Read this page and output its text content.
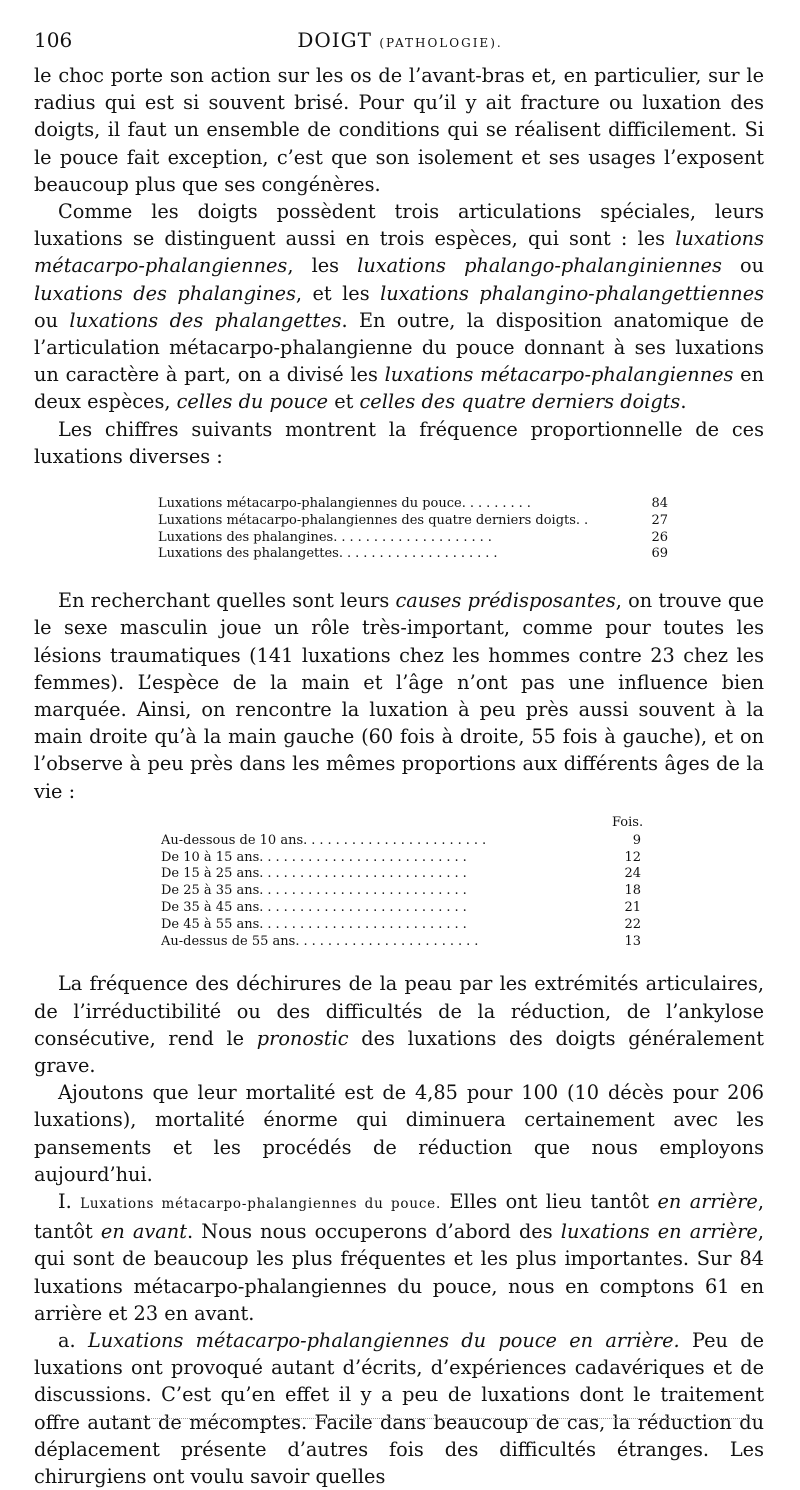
106	DOIGT (PATHOLOGIE).

le choc porte son action sur les os de l’avant-bras et, en particulier, sur le radius qui est si souvent brisé. Pour qu’il y ait fracture ou luxation des doigts, il faut un ensemble de conditions qui se réalisent difficilement. Si le pouce fait exception, c’est que son isolement et ses usages l’exposent beaucoup plus que ses congénères.

Comme les doigts possèdent trois articulations spéciales, leurs luxations se distinguent aussi en trois espèces, qui sont : les luxations métacarpo-phalangiennes, les luxations phalango-phalanginiennes ou luxations des phalangines, et les luxations phalangino-phalangettiennes ou luxations des phalangettes. En outre, la disposition anatomique de l’articulation métacarpo-phalangienne du pouce donnant à ses luxations un caractère à part, on a divisé les luxations métacarpo-phalangiennes en deux espèces, celles du pouce et celles des quatre derniers doigts.

Les chiffres suivants montrent la fréquence proportionnelle de ces luxations diverses :

Luxations métacarpo-phalangiennes du pouce.........	84
Luxations métacarpo-phalangiennes des quatre derniers doigts..	27
Luxations des phalangines....................	26
Luxations des phalangettes....................	69

En recherchant quelles sont leurs causes prédisposantes, on trouve que le sexe masculin joue un rôle très-important, comme pour toutes les lésions traumatiques (141 luxations chez les hommes contre 23 chez les femmes). L’espèce de la main et l’âge n’ont pas une influence bien marquée. Ainsi, on rencontre la luxation à peu près aussi souvent à la main droite qu’à la main gauche (60 fois à droite, 55 fois à gauche), et on l’observe à peu près dans les mêmes proportions aux différents âges de la vie :

Fois.
Au-dessous de 10 ans.......................	9
De 10 à 15 ans..........................	12
De 15 à 25 ans..........................	24
De 25 à 35 ans..........................	18
De 35 à 45 ans..........................	21
De 45 à 55 ans..........................	22
Au-dessus de 55 ans.......................	13

La fréquence des déchirures de la peau par les extrémités articulaires, de l’irréductibilité ou des difficultés de la réduction, de l’ankylose consécutive, rend le pronostic des luxations des doigts généralement grave.

Ajoutons que leur mortalité est de 4,85 pour 100 (10 décès pour 206 luxations), mortalité énorme qui diminuera certainement avec les pansements et les procédés de réduction que nous employons aujourd’hui.

I. Luxations métacarpo-phalangiennes du pouce. Elles ont lieu tantôt en arrière, tantôt en avant. Nous nous occuperons d’abord des luxations en arrière, qui sont de beaucoup les plus fréquentes et les plus importantes. Sur 84 luxations métacarpo-phalangiennes du pouce, nous en comptons 61 en arrière et 23 en avant.

a. Luxations métacarpo-phalangiennes du pouce en arrière. Peu de luxations ont provoqué autant d’écrits, d’expériences cadavériques et de discussions. C’est qu’en effet il y a peu de luxations dont le traitement offre autant de mécomptes. Facile dans beaucoup de cas, la réduction du déplacement présente d’autres fois des difficultés étranges. Les chirurgiens ont voulu savoir quelles
